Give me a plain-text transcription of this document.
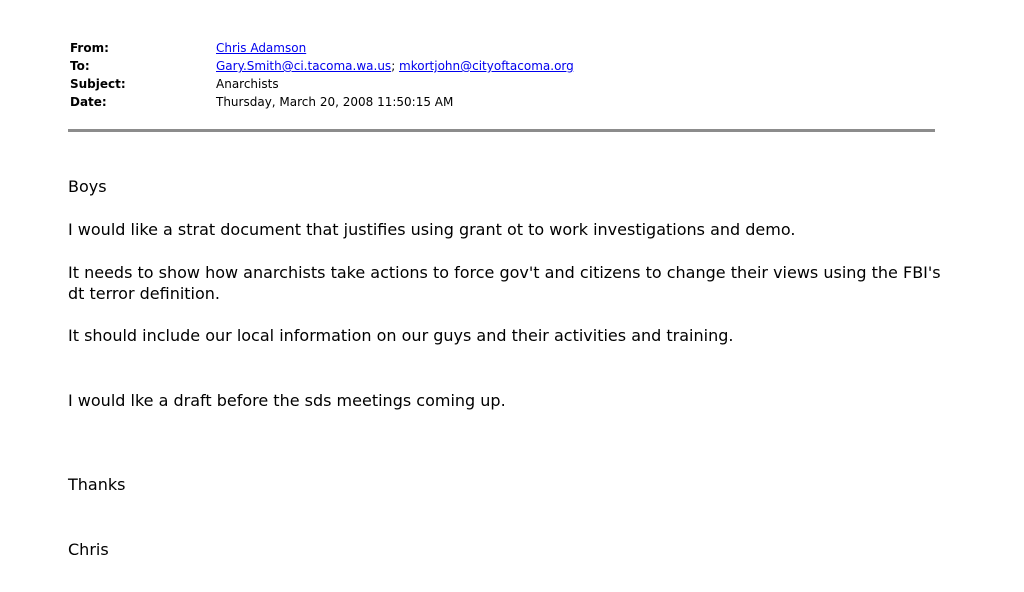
From:	Chris Adamson
To:	Gary.Smith@ci.tacoma.wa.us; mkortjohn@cityoftacoma.org
Subject:	Anarchists
Date:	Thursday, March 20, 2008 11:50:15 AM
Boys
I would like a strat document that justifies using grant ot to work investigations and demo.
It needs to show how anarchists take actions to force gov't and citizens to change their views using the FBI's dt terror definition.
It should include our local information on our guys and their activities and training.
I would lke a draft before the sds meetings coming up.
Thanks
Chris
